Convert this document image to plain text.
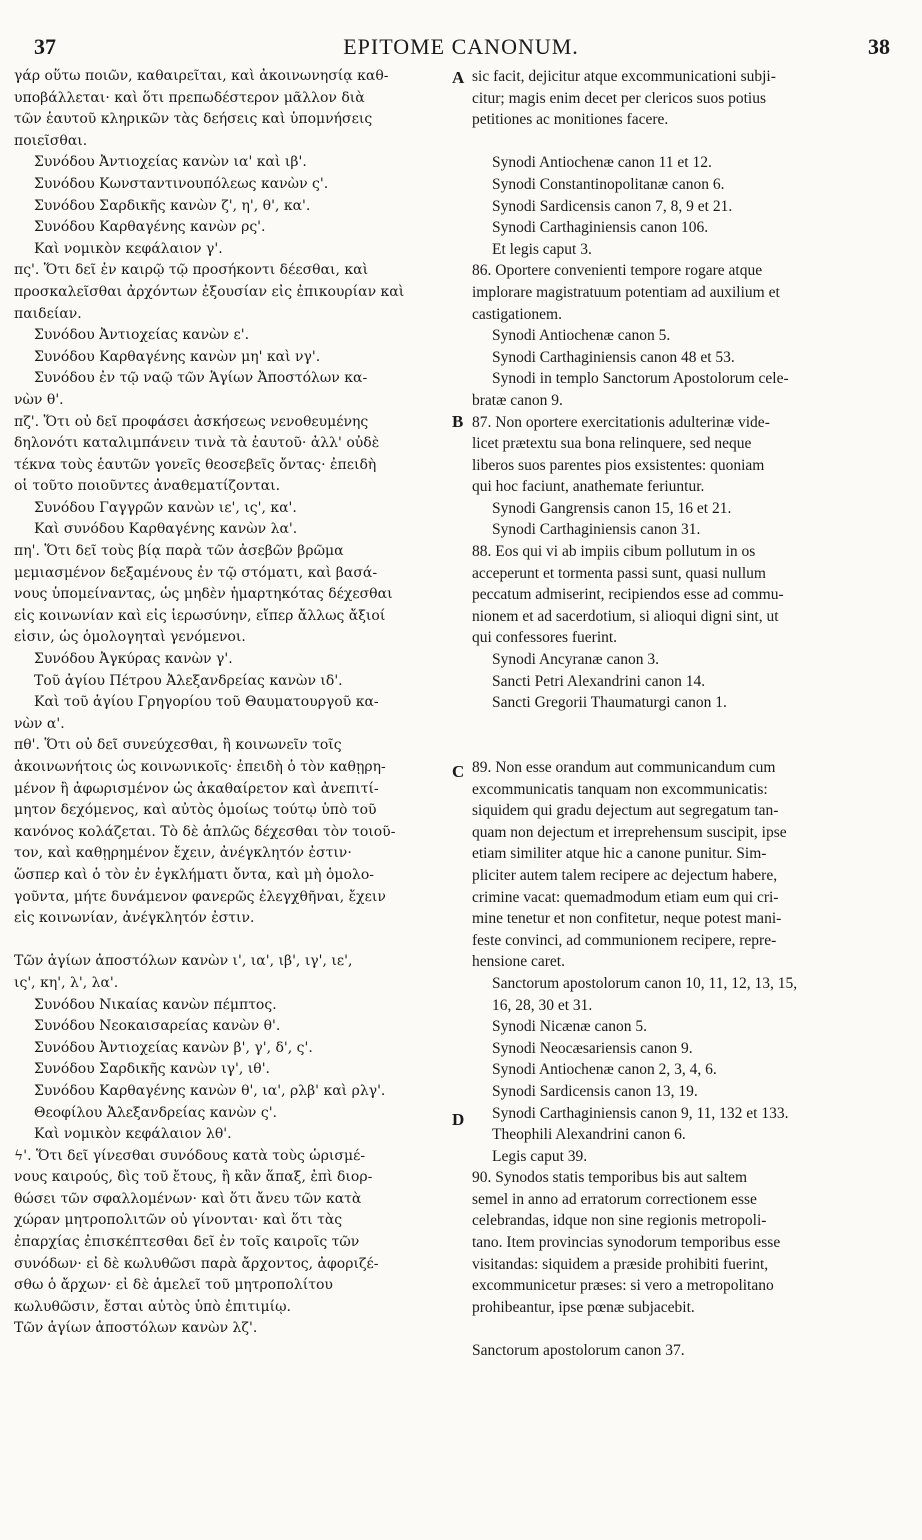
37	EPITOME CANONUM.	38
γάρ οὕτω ποιῶν, καθαιρεῖται, καὶ ἀκοινωνησίᾳ καθ-
υποβάλλεται· καὶ ὅτι πρεπωδέστερον μᾶλλον διὰ
τῶν ἑαυτοῦ κληρικῶν τὰς δεήσεις καὶ ὑπομνήσεις
ποιεῖσθαι.
Συνόδου Ἀντιοχείας κανὼν ια' καὶ ιβ'.
Συνόδου Κωνσταντινουπόλεως κανὼν ς'.
Συνόδου Σαρδικῆς κανὼν ζ', η', θ', κα'.
Συνόδου Καρθαγένης κανὼν ρς'.
Καὶ νομικὸν κεφάλαιον γ'.
πς'. Ὅτι δεῖ ἐν καιρῷ τῷ προσήκοντι δέεσθαι, καὶ
προσκαλεῖσθαι ἀρχόντων ἐξουσίαν εἰς ἐπικουρίαν καὶ
παιδείαν.
Συνόδου Ἀντιοχείας κανὼν ε'.
Συνόδου Καρθαγένης κανὼν μη' καὶ νγ'.
Συνόδου ἐν τῷ ναῷ τῶν Ἁγίων Ἀποστόλων κα-
νὼν θ'.
πζ'. Ὅτι οὐ δεῖ προφάσει ἀσκήσεως νενοθευμένης
δηλονότι καταλιμπάνειν τινὰ τὰ ἑαυτοῦ· ἀλλ' οὐδὲ
τέκνα τοὺς ἑαυτῶν γονεῖς θεοσεβεῖς ὄντας· ἐπειδὴ
οἱ τοῦτο ποιοῦντες ἀναθεματίζονται.
Συνόδου Γαγγρῶν κανὼν ιε', ις', κα'.
Καὶ συνόδου Καρθαγένης κανὼν λα'.
πη'. Ὅτι δεῖ τοὺς βίᾳ παρὰ τῶν ἀσεβῶν βρῶμα
μεμιασμένον δεξαμένους ἐν τῷ στόματι, καὶ βασά-
νους ὑπομείναντας, ὡς μηδὲν ἡμαρτηκότας δέχεσθαι
εἰς κοινωνίαν καὶ εἰς ἱερωσύνην, εἴπερ ἄλλως ἄξιοί
εἰσιν, ὡς ὁμολογηταὶ γενόμενοι.
Συνόδου Ἀγκύρας κανὼν γ'.
Τοῦ ἁγίου Πέτρου Ἀλεξανδρείας κανὼν ιδ'.
Καὶ τοῦ ἁγίου Γρηγορίου τοῦ Θαυματουργοῦ κα-
νὼν α'.
πθ'. Ὅτι οὐ δεῖ συνεύχεσθαι, ἢ κοινωνεῖν τοῖς
ἀκοινωνήτοις ὡς κοινωνικοῖς· ἐπειδὴ ὁ τὸν καθῃρη-
μένον ἢ ἀφωρισμένον ὡς ἀκαθαίρετον καὶ ἀνεπιτί-
μητον δεχόμενος, καὶ αὐτὸς ὁμοίως τούτῳ ὑπὸ τοῦ
κανόνος κολάζεται. Τὸ δὲ ἁπλῶς δέχεσθαι τὸν τοιοῦ-
τον, καὶ καθῃρημένον ἔχειν, ἀνέγκλητόν ἐστιν·
ὥσπερ καὶ ὁ τὸν ἐν ἐγκλήματι ὄντα, καὶ μὴ ὁμολο-
γοῦντα, μήτε δυνάμενον φανερῶς ἐλεγχθῆναι, ἔχειν
εἰς κοινωνίαν, ἀνέγκλητόν ἐστιν.
Τῶν ἁγίων ἀποστόλων κανὼν ι', ια', ιβ', ιγ', ιε',
ις', κη', λ', λα'.
Συνόδου Νικαίας κανὼν πέμπτος.
Συνόδου Νεοκαισαρείας κανὼν θ'.
Συνόδου Ἀντιοχείας κανὼν β', γ', δ', ς'.
Συνόδου Σαρδικῆς κανὼν ιγ', ιθ'.
Συνόδου Καρθαγένης κανὼν θ', ια', ρλβ' καὶ ρλγ'.
Θεοφίλου Ἀλεξανδρείας κανὼν ς'.
Καὶ νομικὸν κεφάλαιον λθ'.
ϟ'. Ὅτι δεῖ γίνεσθαι συνόδους κατὰ τοὺς ὡρισμέ-
νους καιρούς, δὶς τοῦ ἔτους, ἢ κἂν ἅπαξ, ἐπὶ διορ-
θώσει τῶν σφαλλομένων· καὶ ὅτι ἄνευ τῶν κατὰ
χώραν μητροπολιτῶν οὐ γίνονται· καὶ ὅτι τὰς
ἐπαρχίας ἐπισκέπτεσθαι δεῖ ἐν τοῖς καιροῖς τῶν
συνόδων· εἰ δὲ κωλυθῶσι παρὰ ἄρχοντος, ἀφοριζέ-
σθω ὁ ἄρχων· εἰ δὲ ἀμελεῖ τοῦ μητροπολίτου
κωλυθῶσιν, ἔσται αὐτὸς ὑπὸ ἐπιτιμίῳ.
Τῶν ἁγίων ἀποστόλων κανὼν λζ'.
sic facit, dejicitur atque excommunicationi subji-
citur; magis enim decet per clericos suos potius
petitiones ac monitiones facere.
Synodi Antiochenæ canon 11 et 12.
Synodi Constantinopolitanæ canon 6.
Synodi Sardicensis canon 7, 8, 9 et 21.
Synodi Carthaginiensis canon 106.
Et legis caput 3.
86. Oportere convenienti tempore rogare atque
implorare magistratuum potentiam ad auxilium et
castigationem.
Synodi Antiochenæ canon 5.
Synodi Carthaginiensis canon 48 et 53.
Synodi in templo Sanctorum Apostolorum cele-
bratæ canon 9.
87. Non oportere exercitationis adulterinæ vide-
licet prætextu sua bona relinquere, sed neque
liberos suos parentes pios exsistentes: quoniam
qui hoc faciunt, anathemate feriuntur.
Synodi Gangrensis canon 15, 16 et 21.
Synodi Carthaginiensis canon 31.
88. Eos qui vi ab impiis cibum pollutum in os
acceperunt et tormenta passi sunt, quasi nullum
peccatum admiserint, recipiendos esse ad commu-
nionem et ad sacerdotium, si alioqui digni sint, ut
qui confessores fuerint.
Synodi Ancyranæ canon 3.
Sancti Petri Alexandrini canon 14.
Sancti Gregorii Thaumaturgi canon 1.
89. Non esse orandum aut communicandum cum
excommunicatis tanquam non excommunicatis:
siquidem qui gradu dejectum aut segregatum tan-
quam non dejectum et irreprehensum suscipit, ipse
etiam similiter atque hic a canone punitur. Sim-
pliciter autem talem recipere ac dejectum habere,
crimine vacat: quemadmodum etiam eum qui cri-
mine tenetur et non confitetur, neque potest mani-
feste convinci, ad communionem recipere, repre-
hensione caret.
Sanctorum apostolorum canon 10, 11, 12, 13, 15,
16, 28, 30 et 31.
Synodi Nicænæ canon 5.
Synodi Neocæsariensis canon 9.
Synodi Antiochenæ canon 2, 3, 4, 6.
Synodi Sardicensis canon 13, 19.
Synodi Carthaginiensis canon 9, 11, 132 et 133.
Theophili Alexandrini canon 6.
Legis caput 39.
90. Synodos statis temporibus bis aut saltem
semel in anno ad erratorum correctionem esse
celebrandas, idque non sine regionis metropoli-
tano. Item provincias synodorum temporibus esse
visitandas: siquidem a præside prohibiti fuerint,
excommunicetur præses: si vero a metropolitano
prohibeantur, ipse pœnæ subjacebit.
Sanctorum apostolorum canon 37.
A
B
C
D
